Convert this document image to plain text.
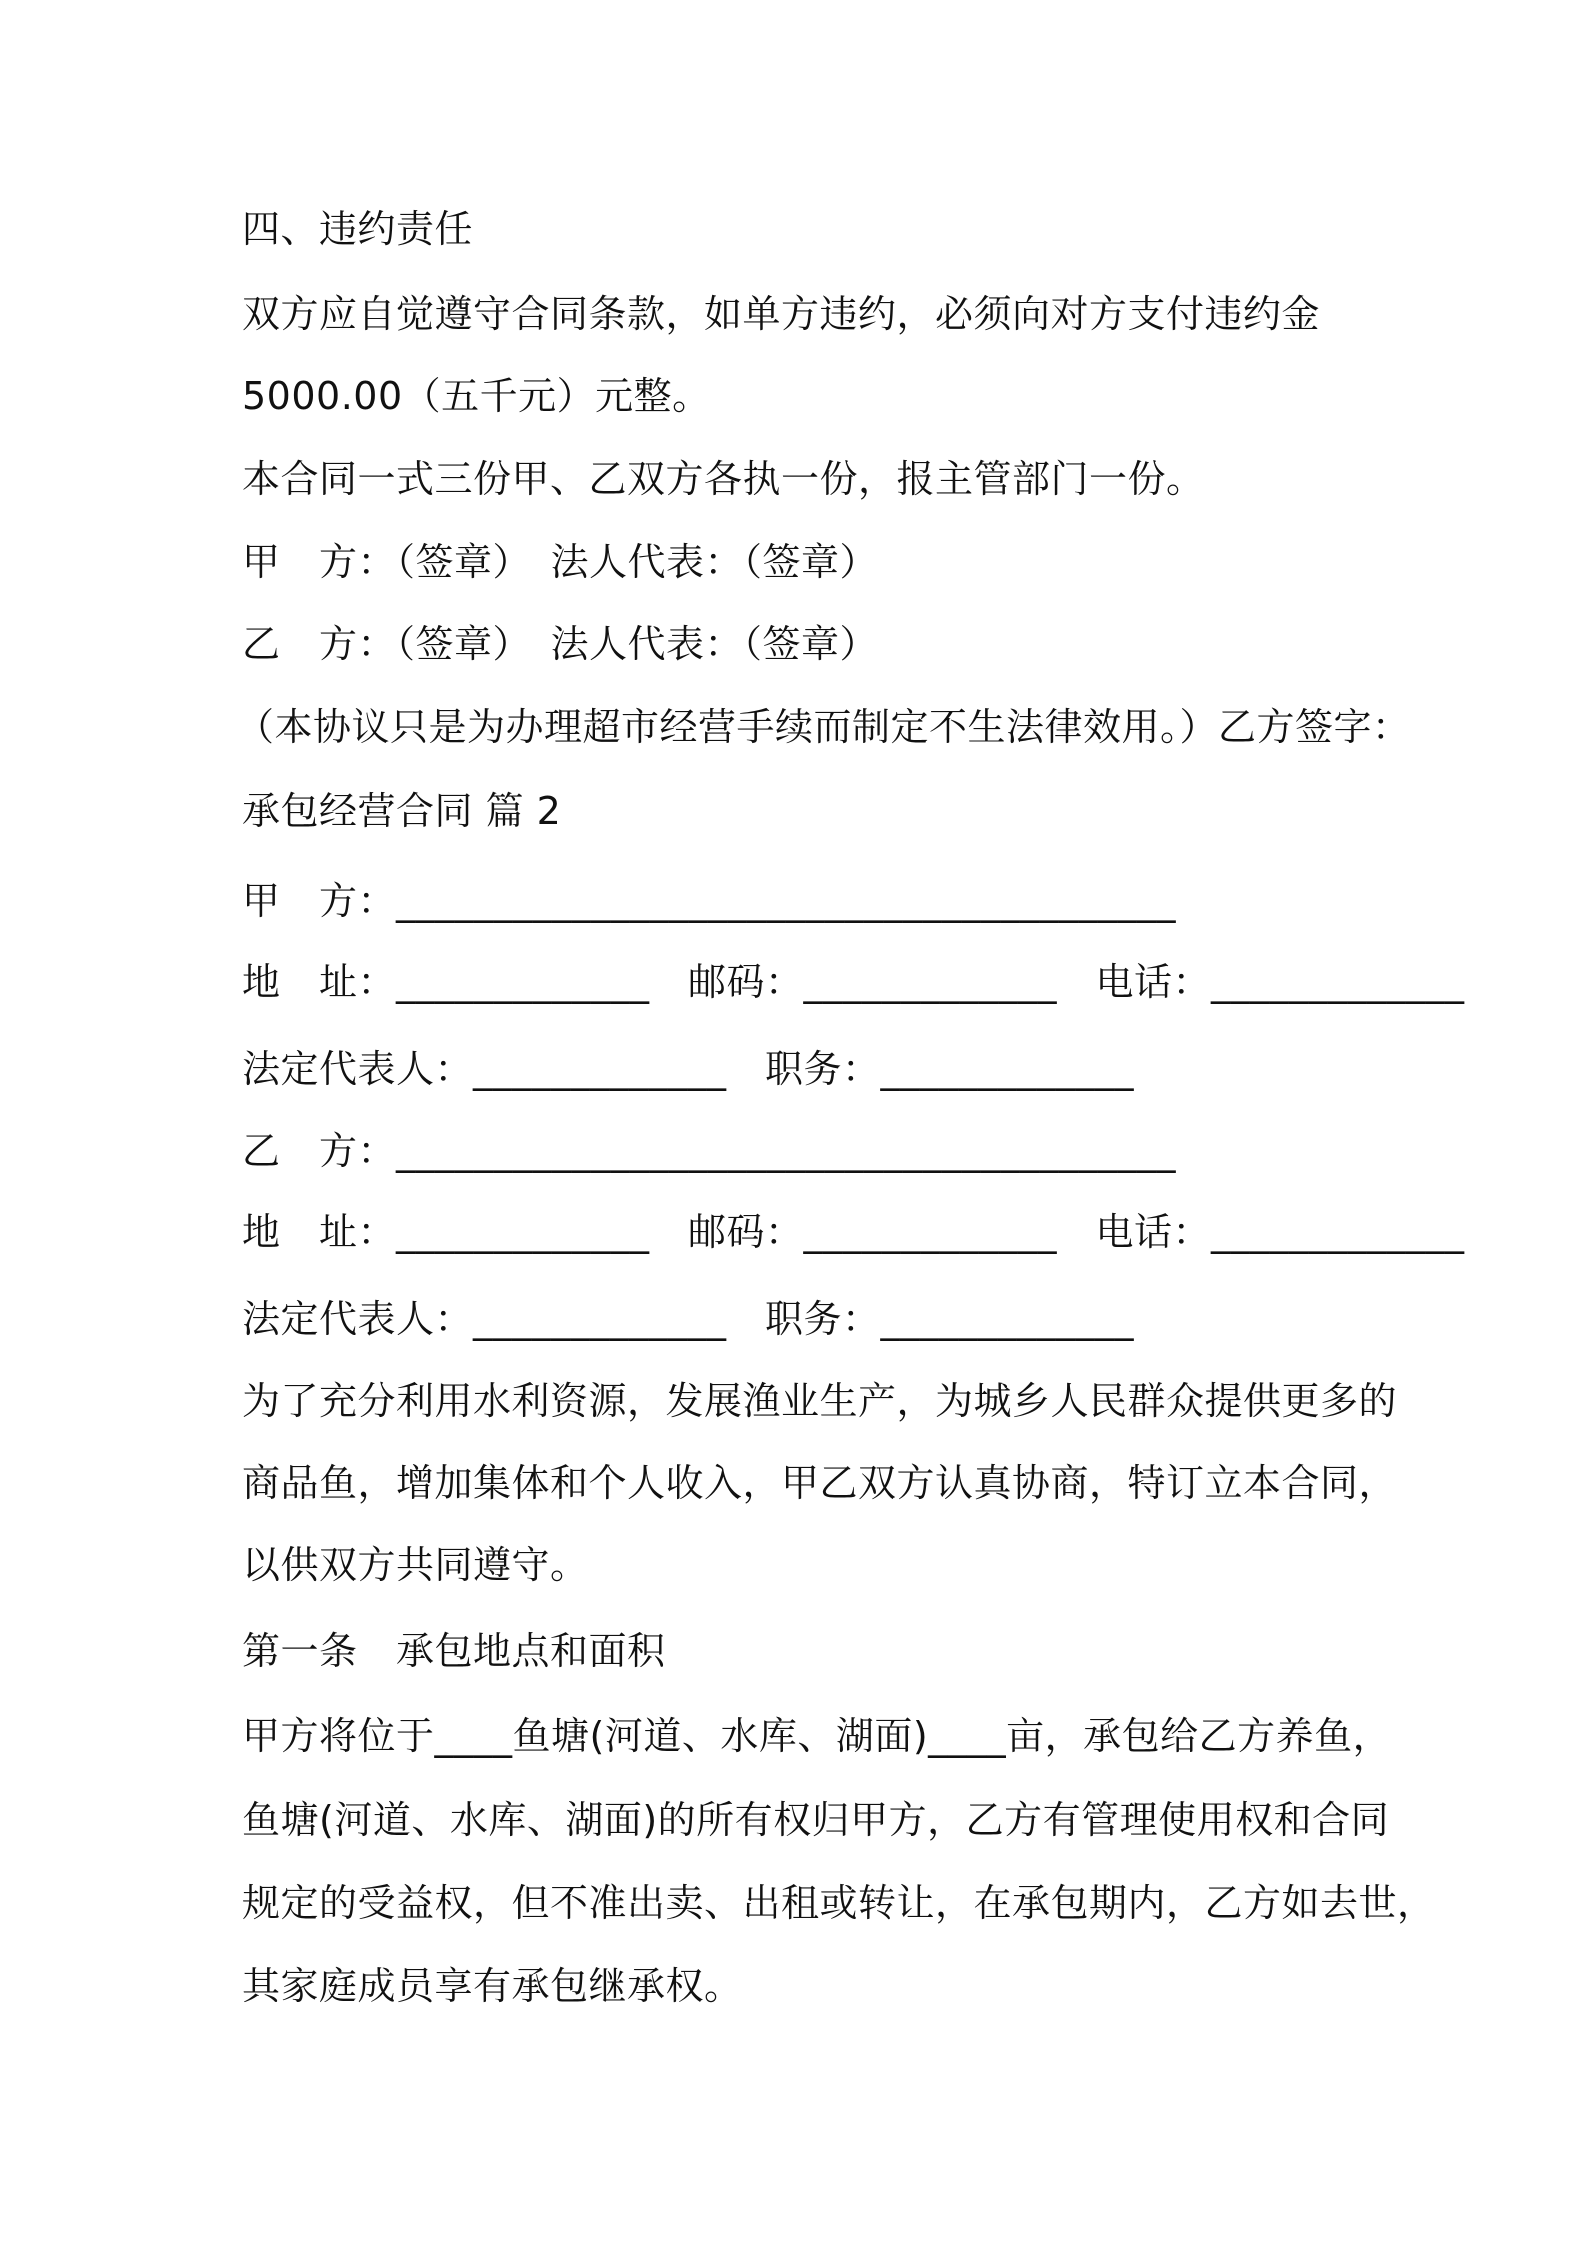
四、违约责任
双方应自觉遵守合同条款，如单方违约，必须向对方支付违约金
5000.00（五千元）元整。
本合同一式三份甲、乙双方各执一份，报主管部门一份。
甲　方：（签章）　法人代表：（签章）
乙　方：（签章）　法人代表：（签章）
（本协议只是为办理超市经营手续而制定不生法律效用。）乙方签字：
承包经营合同 篇 2
甲　方：________________________________________
地　址：_____________　邮码：_____________　电话：_____________
法定代表人：_____________　职务：_____________
乙　方：________________________________________
地　址：_____________　邮码：_____________　电话：_____________
法定代表人：_____________　职务：_____________
为了充分利用水利资源，发展渔业生产，为城乡人民群众提供更多的
商品鱼，增加集体和个人收入，甲乙双方认真协商，特订立本合同，
以供双方共同遵守。
第一条　承包地点和面积
甲方将位于____鱼塘(河道、水库、湖面)____亩，承包给乙方养鱼，
鱼塘(河道、水库、湖面)的所有权归甲方，乙方有管理使用权和合同
规定的受益权，但不准出卖、出租或转让，在承包期内，乙方如去世，
其家庭成员享有承包继承权。
